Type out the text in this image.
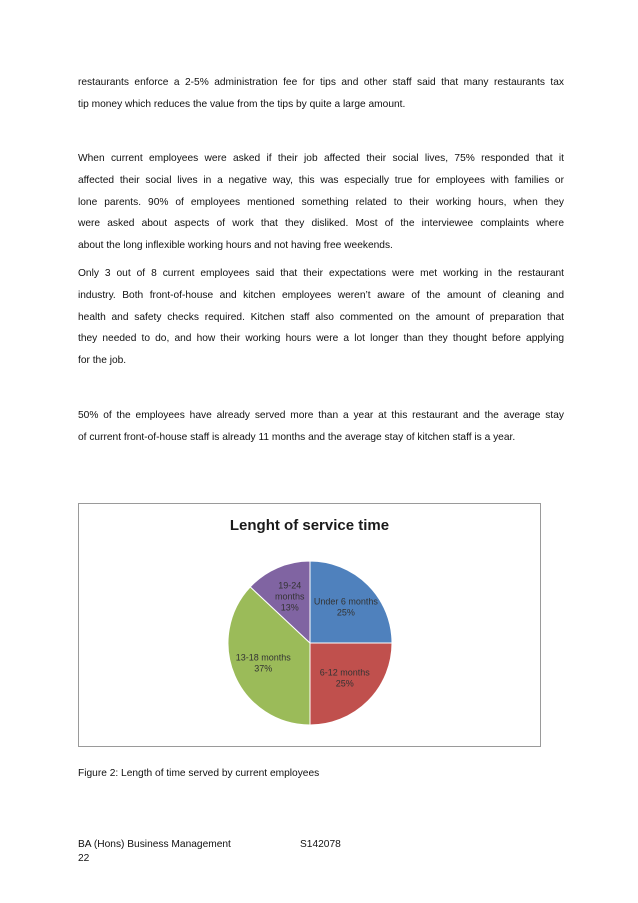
restaurants enforce a 2-5% administration fee for tips and other staff said that many restaurants tax
tip money which reduces the value from the tips by quite a large amount.
When current employees were asked if their job affected their social lives, 75% responded that it
affected their social lives in a negative way, this was especially true for employees with families or
lone parents. 90% of employees mentioned something related to their working hours, when they
were asked about aspects of work that they disliked. Most of the interviewee complaints where
about the long inflexible working hours and not having free weekends.
Only 3 out of 8 current employees said that their expectations were met working in the restaurant
industry. Both front-of-house and kitchen employees weren’t aware of the amount of cleaning and
health and safety checks required. Kitchen staff also commented on the amount of preparation that
they needed to do, and how their working hours were a lot longer than they thought before applying
for the job.
50% of the employees have already served more than a year at this restaurant and the average stay
of current front-of-house staff is already 11 months and the average stay of kitchen staff is a year.
Lenght of service time
Under 6 months 25%
6-12 months 25%
13-18 months 37%
19-24 months 13%
Figure 2: Length of time served by current employees
BA (Hons) Business Management
22
S142078
